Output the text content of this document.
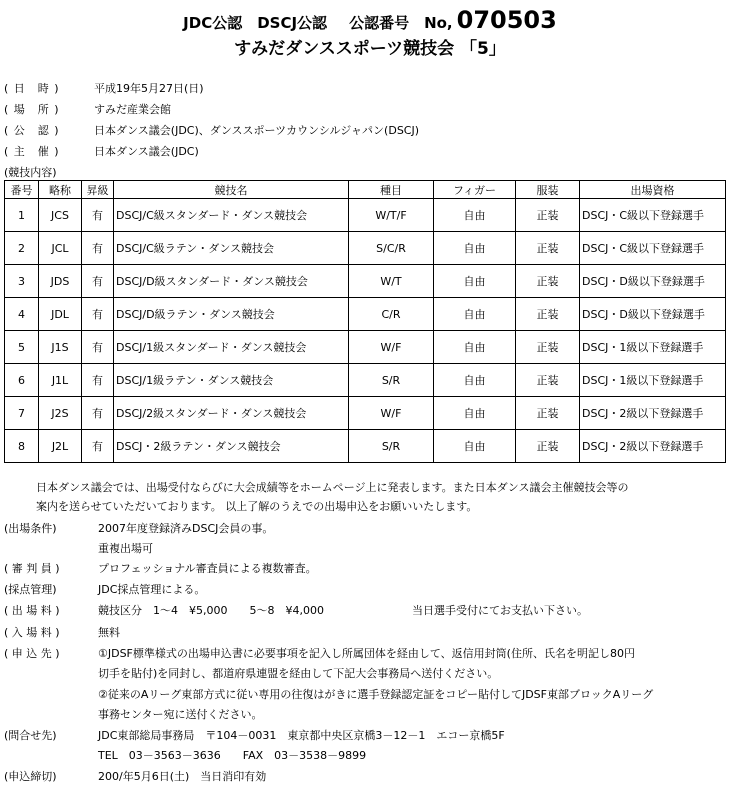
JDC公認　DSCJ公認 公認番号　No, 070503
すみだダンススポーツ競技会 「5」
( 日　時 )	平成19年5月27日(日)
( 場　所 )	すみだ産業会館
( 公　認 )	日本ダンス議会(JDC)、ダンススポーツカウンシルジャパン(DSCJ)
( 主　催 )	日本ダンス議会(JDC)
(競技内容)
番号	略称	昇級	競技名	種目	フィガー	服装	出場資格
1	JCS	有	DSCJ/C級スタンダード・ダンス競技会	W/T/F	自由	正装	DSCJ・C級以下登録選手
2	JCL	有	DSCJ/C級ラテン・ダンス競技会	S/C/R	自由	正装	DSCJ・C級以下登録選手
3	JDS	有	DSCJ/D級スタンダード・ダンス競技会	W/T	自由	正装	DSCJ・D級以下登録選手
4	JDL	有	DSCJ/D級ラテン・ダンス競技会	C/R	自由	正装	DSCJ・D級以下登録選手
5	J1S	有	DSCJ/1級スタンダード・ダンス競技会	W/F	自由	正装	DSCJ・1級以下登録選手
6	J1L	有	DSCJ/1級ラテン・ダンス競技会	S/R	自由	正装	DSCJ・1級以下登録選手
7	J2S	有	DSCJ/2級スタンダード・ダンス競技会	W/F	自由	正装	DSCJ・2級以下登録選手
8	J2L	有	DSCJ・2級ラテン・ダンス競技会	S/R	自由	正装	DSCJ・2級以下登録選手
日本ダンス議会では、出場受付ならびに大会成績等をホームページ上に発表します。また日本ダンス議会主催競技会等の
案内を送らせていただいております。 以上了解のうえでの出場申込をお願いいたします。
(出場条件)	2007年度登録済みDSCJ会員の事。
重複出場可
( 審 判 員 )	プロフェッショナル審査員による複数審査。
(採点管理)	JDC採点管理による。
( 出 場 料 )	競技区分　1～4　¥5,000　　5～8　¥4,000	当日選手受付にてお支払い下さい。
( 入 場 料 )	無料
( 申 込 先 )	①JDSF標準様式の出場申込書に必要事項を記入し所属団体を経由して、返信用封筒(住所、氏名を明記し80円
切手を貼付)を同封し、都道府県連盟を経由して下記大会事務局へ送付ください。
②従来のAリーグ東部方式に従い専用の往復はがきに選手登録認定証をコピー貼付してJDSF東部ブロックAリーグ
事務センター宛に送付ください。
(問合せ先)	JDC東部総局事務局　〒104－0031　東京都中央区京橋3－12－1　エコー京橋5F
TEL　03－3563－3636　　FAX　03－3538－9899
(申込締切)	200/年5月6日(土)　当日消印有効
